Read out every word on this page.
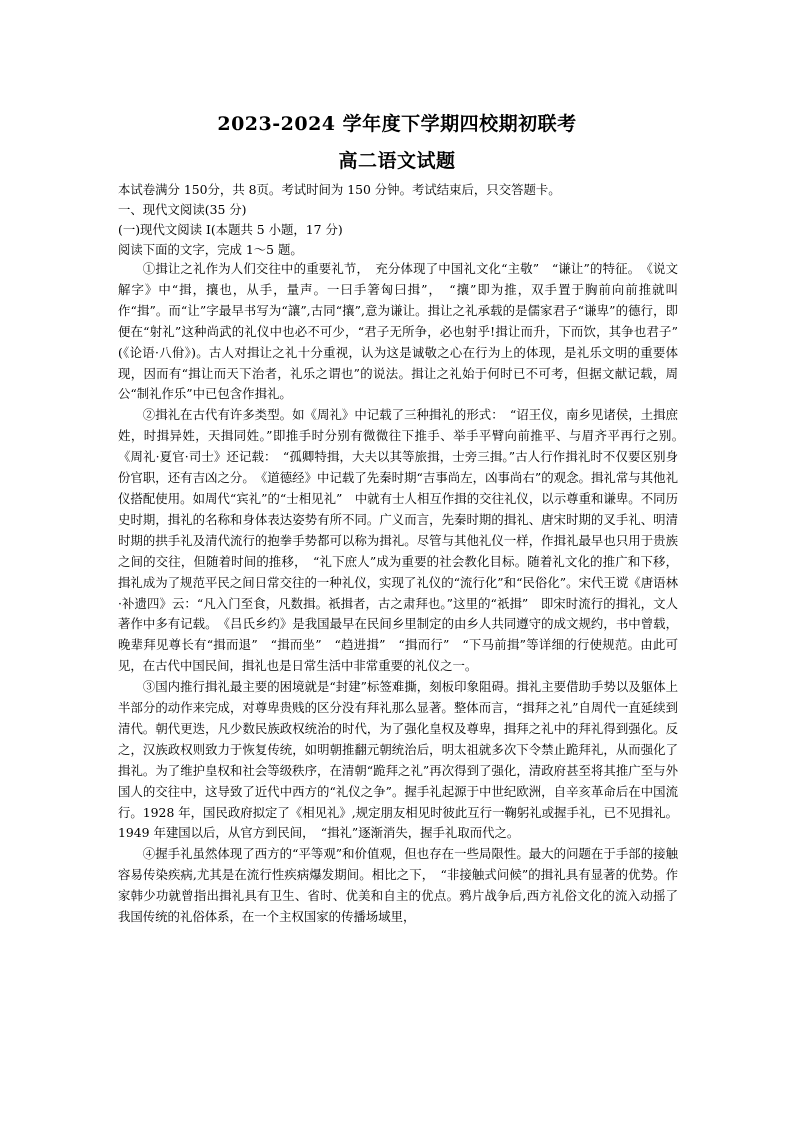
2023-2024 学年度下学期四校期初联考
高二语文试题
本试卷满分 150分，共 8页。考试时间为 150 分钟。考试结束后，只交答题卡。
一、现代文阅读(35 分)
(一)现代文阅读 I(本题共 5 小题，17 分)
阅读下面的文字，完成 1～5 题。

①揖让之礼作为人们交往中的重要礼节，　充分体现了中国礼文化“主敬”　“谦让”的特征。　《说文解字》中“揖，攘也，从手，量声。一曰手箸匈曰揖”，　“攘”即为推，双手置于胸前向前推就叫作“揖”。而“让”字最早书写为“讓”,古同“攘”,意为谦让。揖让之礼承载的是儒家君子“谦卑”的德行，即便在“射礼”这种尚武的礼仪中也必不可少，“君子无所争，必也射乎!揖让而升，下而饮，其争也君子”　(《论语·八佾》)。古人对揖让之礼十分重视，认为这是诚敬之心在行为上的体现，是礼乐文明的重要体现，因而有“揖让而天下治者，礼乐之谓也”的说法。揖让之礼始于何时已不可考，但据文献记载，周公“制礼作乐”中已包含作揖礼。

②揖礼在古代有许多类型。如《周礼》中记载了三种揖礼的形式：　“诏王仪，南乡见诸侯，土揖庶姓，时揖异姓，天揖同姓。”即推手时分别有微微往下推手、举手平臂向前推平、与眉齐平再行之别。　《周礼·夏官·司士》还记载：　“孤卿特揖，大夫以其等旅揖，士旁三揖。”古人行作揖礼时不仅要区别身份官职，还有吉凶之分。　《道德经》中记载了先秦时期“吉事尚左，凶事尚右”的观念。揖礼常与其他礼仪搭配使用。如周代“宾礼”的“士相见礼”　中就有士人相互作揖的交往礼仪，以示尊重和谦卑。不同历史时期，揖礼的名称和身体表达姿势有所不同。广义而言，先秦时期的揖礼、唐宋时期的叉手礼、明清时期的拱手礼及清代流行的抱拳手势都可以称为揖礼。尽管与其他礼仪一样，作揖礼最早也只用于贵族之间的交往，但随着时间的推移，　“礼下庶人”成为重要的社会教化目标。随着礼文化的推广和下移，揖礼成为了规范平民之间日常交往的一种礼仪，实现了礼仪的“流行化”和“民俗化”。宋代王谠《唐语林·补遗四》云：“凡入门至食，凡数揖。祇揖者，古之肃拜也。”这里的“祇揖”　即宋时流行的揖礼，文人著作中多有记载。　《吕氏乡约》是我国最早在民间乡里制定的由乡人共同遵守的成文规约，书中曾载，晚辈拜见尊长有“揖而退”　“揖而坐”　“趋进揖”　“揖而行”　“下马前揖”等详细的行使规范。由此可见，在古代中国民间，揖礼也是日常生活中非常重要的礼仪之一。

③国内推行揖礼最主要的困境就是“封建”标签难撕，刻板印象阻碍。揖礼主要借助手势以及躯体上半部分的动作来完成，对尊卑贵贱的区分没有拜礼那么显著。整体而言，“揖拜之礼”自周代一直延续到清代。朝代更迭，凡少数民族政权统治的时代，为了强化皇权及尊卑，揖拜之礼中的拜礼得到强化。反之，汉族政权则致力于恢复传统，如明朝推翻元朝统治后，明太祖就多次下令禁止跪拜礼，从而强化了揖礼。为了维护皇权和社会等级秩序，在清朝“跪拜之礼”再次得到了强化，清政府甚至将其推广至与外国人的交往中，这导致了近代中西方的“礼仪之争”。握手礼起源于中世纪欧洲，自辛亥革命后在中国流行。1928 年，国民政府拟定了《相见礼》,规定朋友相见时彼此互行一鞠躬礼或握手礼，已不见揖礼。1949 年建国以后，从官方到民间，　“揖礼”逐渐消失，握手礼取而代之。

④握手礼虽然体现了西方的“平等观”和价值观，但也存在一些局限性。最大的问题在于手部的接触容易传染疾病,尤其是在流行性疾病爆发期间。相比之下，　“非接触式问候”的揖礼具有显著的优势。作家韩少功就曾指出揖礼具有卫生、省时、优美和自主的优点。鸦片战争后,西方礼俗文化的流入动摇了我国传统的礼俗体系，在一个主权国家的传播场域里，
